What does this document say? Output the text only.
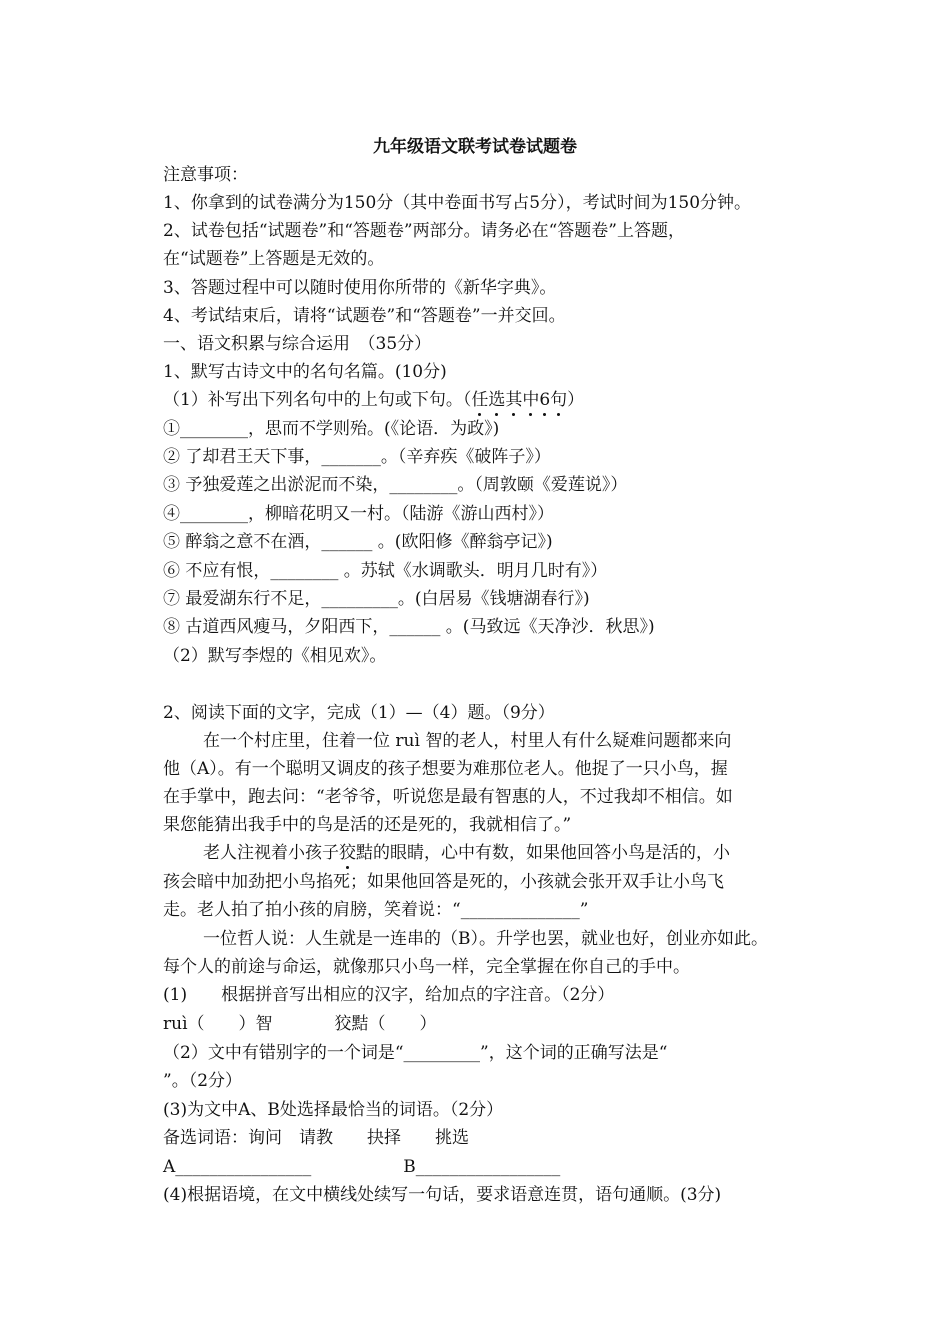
九年级语文联考试卷试题卷
注意事项：
1、你拿到的试卷满分为150分（其中卷面书写占5分），考试时间为150分钟。
2、试卷包括“试题卷”和“答题卷”两部分。请务必在“答题卷”上答题，
在“试题卷”上答题是无效的。
3、答题过程中可以随时使用你所带的《新华字典》。
4、考试结束后，请将“试题卷”和“答题卷”一并交回。
一、语文积累与综合运用　（35分）
1、默写古诗文中的名句名篇。(10分)
（1）补写出下列名句中的上句或下句。（任选其中6句）
①________，思而不学则殆。(《论语．为政》)
② 了却君王天下事，_______。（辛弃疾《破阵子》）
③ 予独爱莲之出淤泥而不染，________。（周敦颐《爱莲说》）
④________，柳暗花明又一村。（陆游《游山西村》）
⑤ 醉翁之意不在酒，______ 。(欧阳修《醉翁亭记》)
⑥ 不应有恨，________ 。苏轼《水调歌头．明月几时有》）
⑦ 最爱湖东行不足，_________。(白居易《钱塘湖春行》)
⑧ 古道西风瘦马，夕阳西下，______ 。(马致远《天净沙．秋思》)
（2）默写李煜的《相见欢》。
2、阅读下面的文字，完成（1）—（4）题。（9分）
在一个村庄里，住着一位 ruì 智的老人，村里人有什么疑难问题都来向
他（A）。有一个聪明又调皮的孩子想要为难那位老人。他捉了一只小鸟，握
在手掌中，跑去问：“老爷爷，听说您是最有智惠的人，不过我却不相信。如
果您能猜出我手中的鸟是活的还是死的，我就相信了。”
老人注视着小孩子狡黠的眼睛，心中有数，如果他回答小鸟是活的，小
孩会暗中加劲把小鸟掐死；如果他回答是死的，小孩就会张开双手让小鸟飞
走。老人拍了拍小孩的肩膀，笑着说：“______________”
一位哲人说：人生就是一连串的（B）。升学也罢，就业也好，创业亦如此。
每个人的前途与命运，就像那只小鸟一样，完全掌握在你自己的手中。
(1)　　根据拼音写出相应的汉字，给加点的字注音。（2分）
ruì（　　）智	狡黠（　　）
（2）文中有错别字的一个词是“_________”，这个词的正确写法是“
”。（2分）
(3)为文中A、B处选择最恰当的词语。（2分）
备选词语：询问　请教　　抉择　　挑选
A________________	B_________________
(4)根据语境，在文中横线处续写一句话，要求语意连贯，语句通顺。(3分)
